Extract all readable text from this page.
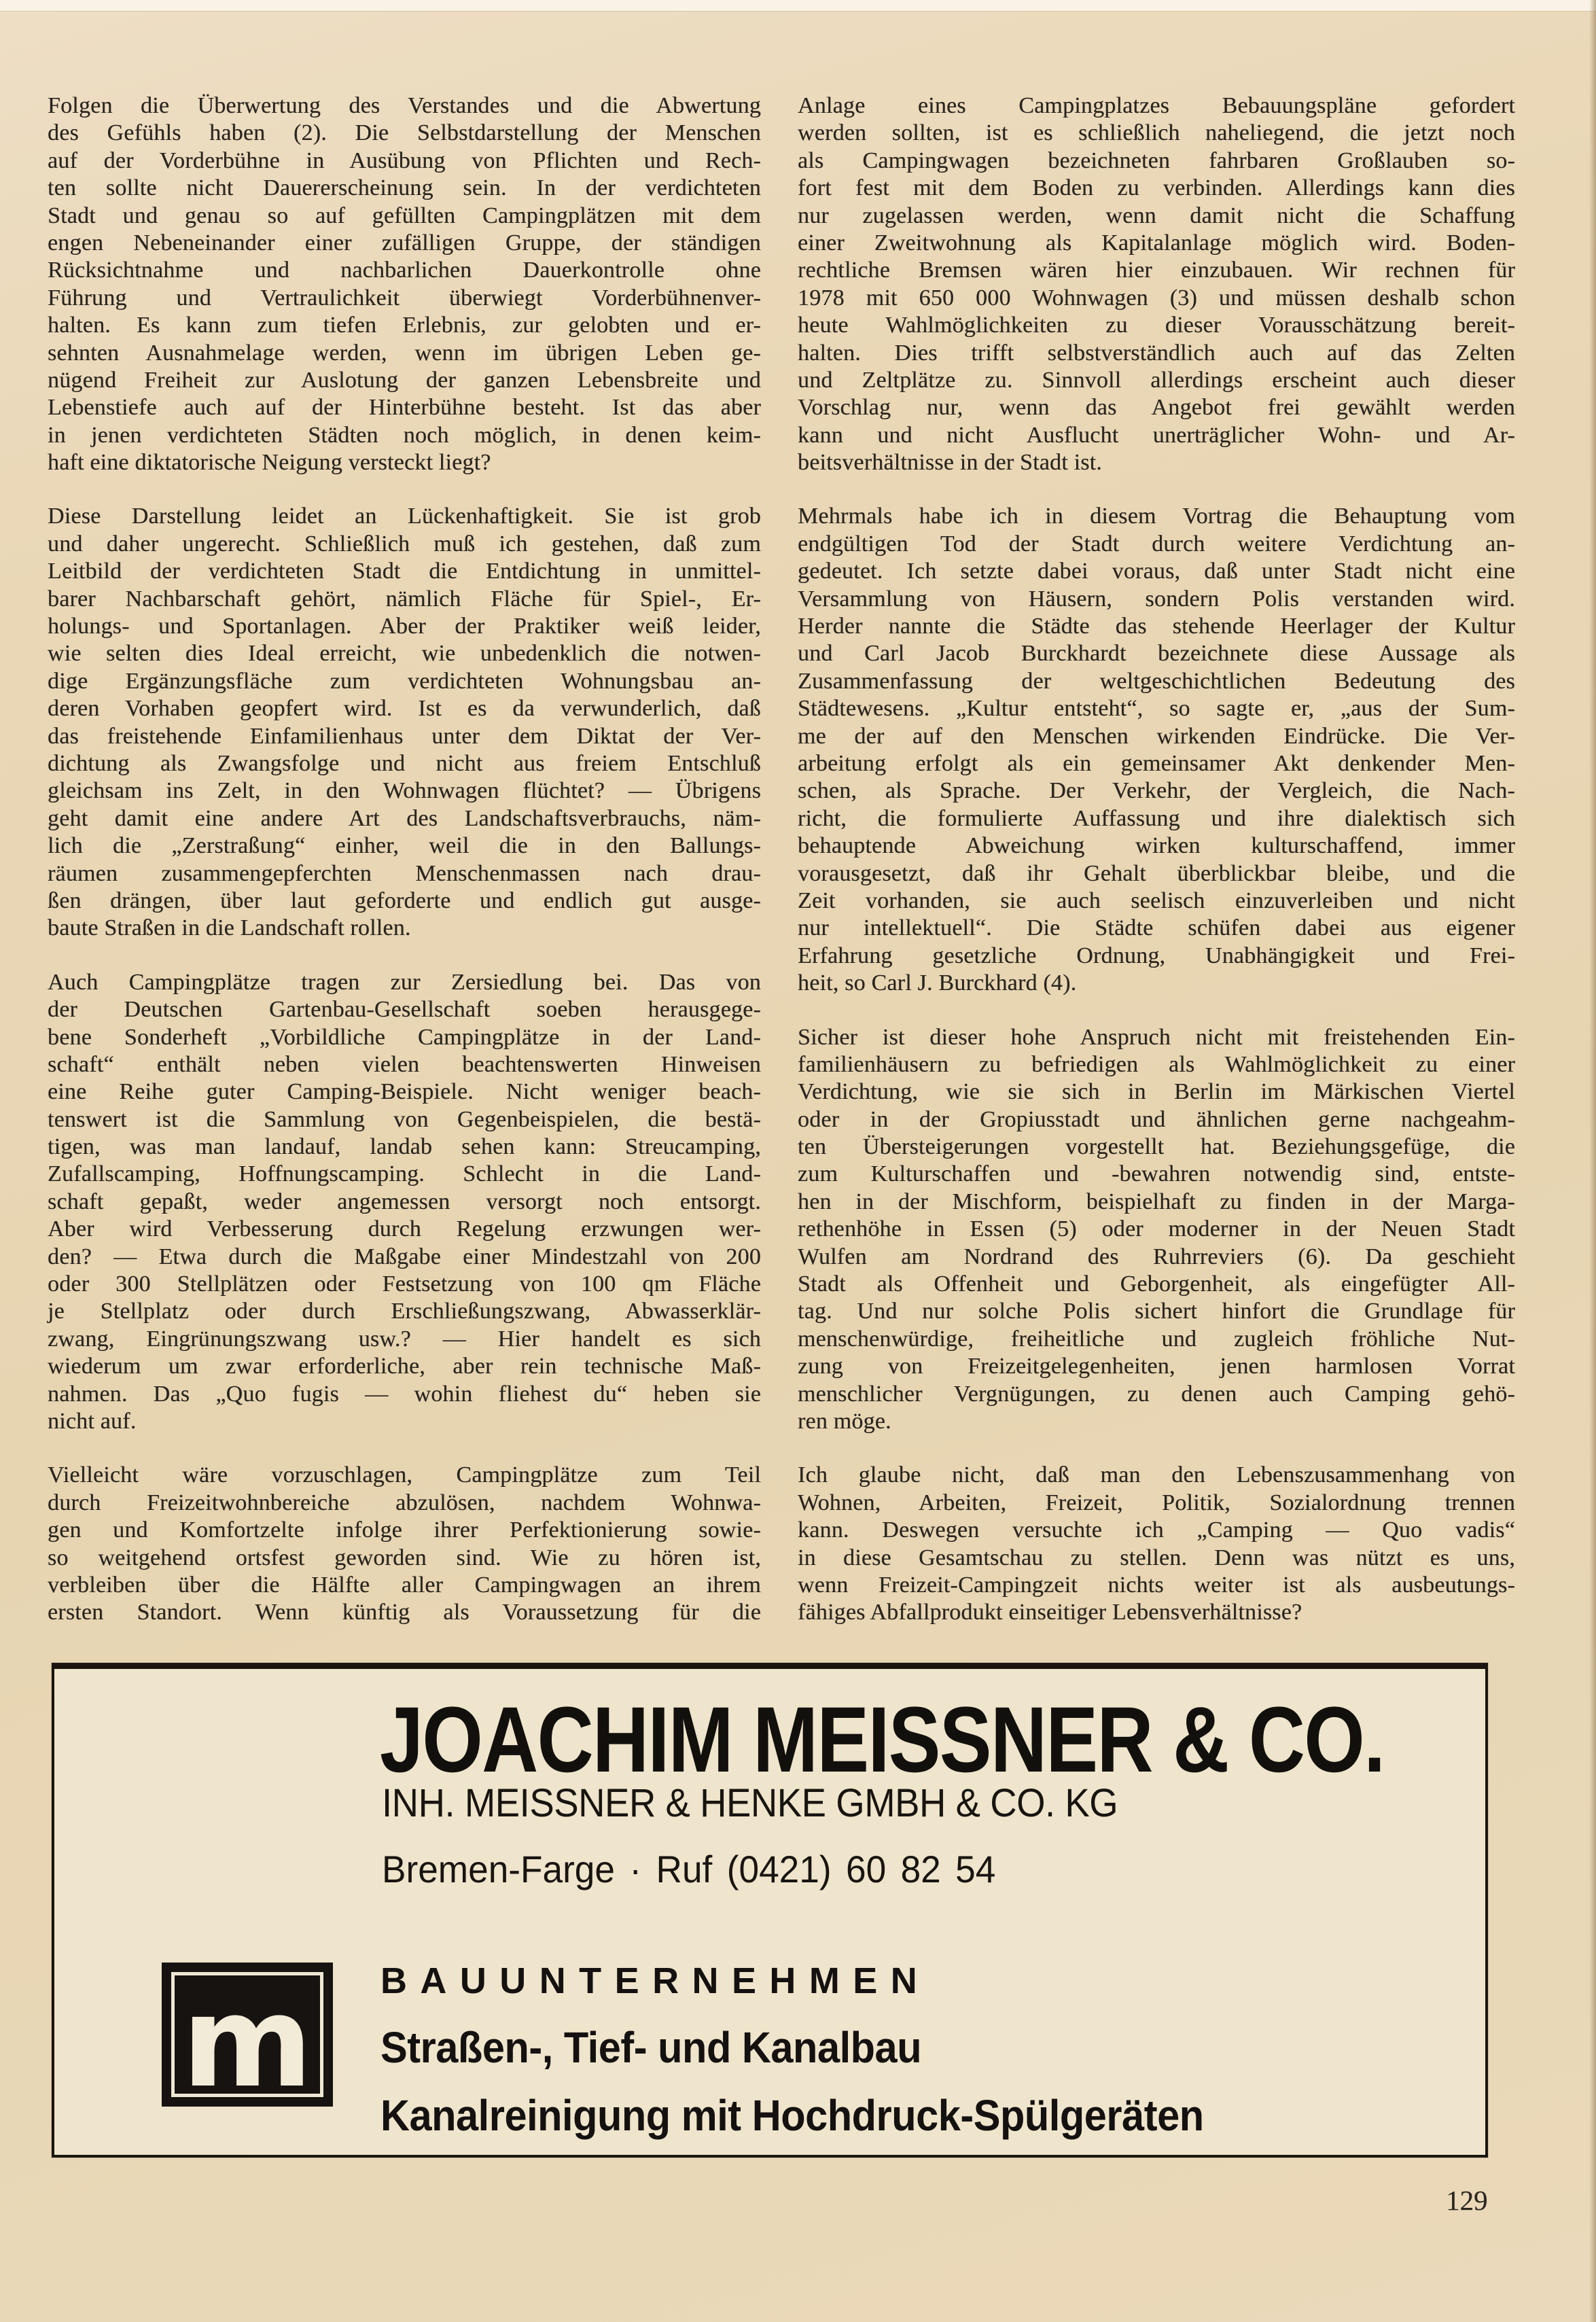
Folgen die Überwertung des Verstandes und die Abwertung
des Gefühls haben (2). Die Selbstdarstellung der Menschen
auf der Vorderbühne in Ausübung von Pflichten und Rech-
ten sollte nicht Dauererscheinung sein. In der verdichteten
Stadt und genau so auf gefüllten Campingplätzen mit dem
engen Nebeneinander einer zufälligen Gruppe, der ständigen
Rücksichtnahme und nachbarlichen Dauerkontrolle ohne
Führung und Vertraulichkeit überwiegt Vorderbühnenver-
halten. Es kann zum tiefen Erlebnis, zur gelobten und er-
sehnten Ausnahmelage werden, wenn im übrigen Leben ge-
nügend Freiheit zur Auslotung der ganzen Lebensbreite und
Lebenstiefe auch auf der Hinterbühne besteht. Ist das aber
in jenen verdichteten Städten noch möglich, in denen keim-
haft eine diktatorische Neigung versteckt liegt?
Diese Darstellung leidet an Lückenhaftigkeit. Sie ist grob
und daher ungerecht. Schließlich muß ich gestehen, daß zum
Leitbild der verdichteten Stadt die Entdichtung in unmittel-
barer Nachbarschaft gehört, nämlich Fläche für Spiel-, Er-
holungs- und Sportanlagen. Aber der Praktiker weiß leider,
wie selten dies Ideal erreicht, wie unbedenklich die notwen-
dige Ergänzungsfläche zum verdichteten Wohnungsbau an-
deren Vorhaben geopfert wird. Ist es da verwunderlich, daß
das freistehende Einfamilienhaus unter dem Diktat der Ver-
dichtung als Zwangsfolge und nicht aus freiem Entschluß
gleichsam ins Zelt, in den Wohnwagen flüchtet? — Übrigens
geht damit eine andere Art des Landschaftsverbrauchs, näm-
lich die „Zerstraßung“ einher, weil die in den Ballungs-
räumen zusammengepferchten Menschenmassen nach drau-
ßen drängen, über laut geforderte und endlich gut ausge-
baute Straßen in die Landschaft rollen.
Auch Campingplätze tragen zur Zersiedlung bei. Das von
der Deutschen Gartenbau-Gesellschaft soeben herausgege-
bene Sonderheft „Vorbildliche Campingplätze in der Land-
schaft“ enthält neben vielen beachtenswerten Hinweisen
eine Reihe guter Camping-Beispiele. Nicht weniger beach-
tenswert ist die Sammlung von Gegenbeispielen, die bestä-
tigen, was man landauf, landab sehen kann: Streucamping,
Zufallscamping, Hoffnungscamping. Schlecht in die Land-
schaft gepaßt, weder angemessen versorgt noch entsorgt.
Aber wird Verbesserung durch Regelung erzwungen wer-
den? — Etwa durch die Maßgabe einer Mindestzahl von 200
oder 300 Stellplätzen oder Festsetzung von 100 qm Fläche
je Stellplatz oder durch Erschließungszwang, Abwasserklär-
zwang, Eingrünungszwang usw.? — Hier handelt es sich
wiederum um zwar erforderliche, aber rein technische Maß-
nahmen. Das „Quo fugis — wohin fliehest du“ heben sie
nicht auf.
Vielleicht wäre vorzuschlagen, Campingplätze zum Teil
durch Freizeitwohnbereiche abzulösen, nachdem Wohnwa-
gen und Komfortzelte infolge ihrer Perfektionierung sowie-
so weitgehend ortsfest geworden sind. Wie zu hören ist,
verbleiben über die Hälfte aller Campingwagen an ihrem
ersten Standort. Wenn künftig als Voraussetzung für die
Anlage eines Campingplatzes Bebauungspläne gefordert
werden sollten, ist es schließlich naheliegend, die jetzt noch
als Campingwagen bezeichneten fahrbaren Großlauben so-
fort fest mit dem Boden zu verbinden. Allerdings kann dies
nur zugelassen werden, wenn damit nicht die Schaffung
einer Zweitwohnung als Kapitalanlage möglich wird. Boden-
rechtliche Bremsen wären hier einzubauen. Wir rechnen für
1978 mit 650 000 Wohnwagen (3) und müssen deshalb schon
heute Wahlmöglichkeiten zu dieser Vorausschätzung bereit-
halten. Dies trifft selbstverständlich auch auf das Zelten
und Zeltplätze zu. Sinnvoll allerdings erscheint auch dieser
Vorschlag nur, wenn das Angebot frei gewählt werden
kann und nicht Ausflucht unerträglicher Wohn- und Ar-
beitsverhältnisse in der Stadt ist.
Mehrmals habe ich in diesem Vortrag die Behauptung vom
endgültigen Tod der Stadt durch weitere Verdichtung an-
gedeutet. Ich setzte dabei voraus, daß unter Stadt nicht eine
Versammlung von Häusern, sondern Polis verstanden wird.
Herder nannte die Städte das stehende Heerlager der Kultur
und Carl Jacob Burckhardt bezeichnete diese Aussage als
Zusammenfassung der weltgeschichtlichen Bedeutung des
Städtewesens. „Kultur entsteht“, so sagte er, „aus der Sum-
me der auf den Menschen wirkenden Eindrücke. Die Ver-
arbeitung erfolgt als ein gemeinsamer Akt denkender Men-
schen, als Sprache. Der Verkehr, der Vergleich, die Nach-
richt, die formulierte Auffassung und ihre dialektisch sich
behauptende Abweichung wirken kulturschaffend, immer
vorausgesetzt, daß ihr Gehalt überblickbar bleibe, und die
Zeit vorhanden, sie auch seelisch einzuverleiben und nicht
nur intellektuell“. Die Städte schüfen dabei aus eigener
Erfahrung gesetzliche Ordnung, Unabhängigkeit und Frei-
heit, so Carl J. Burckhard (4).
Sicher ist dieser hohe Anspruch nicht mit freistehenden Ein-
familienhäusern zu befriedigen als Wahlmöglichkeit zu einer
Verdichtung, wie sie sich in Berlin im Märkischen Viertel
oder in der Gropiusstadt und ähnlichen gerne nachgeahm-
ten Übersteigerungen vorgestellt hat. Beziehungsgefüge, die
zum Kulturschaffen und -bewahren notwendig sind, entste-
hen in der Mischform, beispielhaft zu finden in der Marga-
rethenhöhe in Essen (5) oder moderner in der Neuen Stadt
Wulfen am Nordrand des Ruhrreviers (6). Da geschieht
Stadt als Offenheit und Geborgenheit, als eingefügter All-
tag. Und nur solche Polis sichert hinfort die Grundlage für
menschenwürdige, freiheitliche und zugleich fröhliche Nut-
zung von Freizeitgelegenheiten, jenen harmlosen Vorrat
menschlicher Vergnügungen, zu denen auch Camping gehö-
ren möge.
Ich glaube nicht, daß man den Lebenszusammenhang von
Wohnen, Arbeiten, Freizeit, Politik, Sozialordnung trennen
kann. Deswegen versuchte ich „Camping — Quo vadis“
in diese Gesamtschau zu stellen. Denn was nützt es uns,
wenn Freizeit-Campingzeit nichts weiter ist als ausbeutungs-
fähiges Abfallprodukt einseitiger Lebensverhältnisse?
JOACHIM MEISSNER & CO.
INH. MEISSNER & HENKE GMBH & CO. KG
Bremen-Farge · Ruf (0421) 60 82 54
m BAUUNTERNEHMEN
Straßen-, Tief- und Kanalbau
Kanalreinigung mit Hochdruck-Spülgeräten
129
